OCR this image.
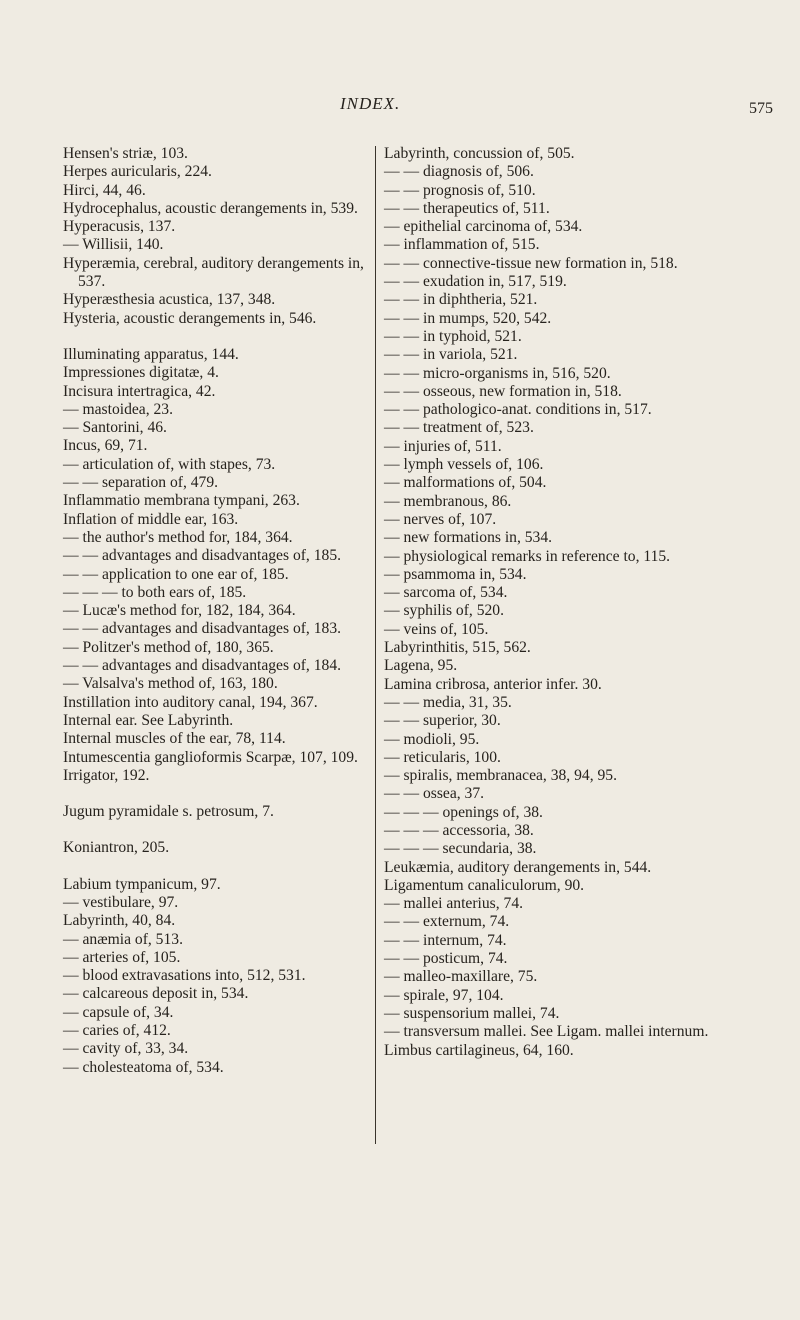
INDEX.	575
Hensen's striæ, 103.
Herpes auricularis, 224.
Hirci, 44, 46.
Hydrocephalus, acoustic derangements in, 539.
Hyperacusis, 137.
— Willisii, 140.
Hyperæmia, cerebral, auditory derangements in, 537.
Hyperæsthesia acustica, 137, 348.
Hysteria, acoustic derangements in, 546.
Illuminating apparatus, 144.
Impressiones digitatæ, 4.
Incisura intertragica, 42.
— mastoidea, 23.
— Santorini, 46.
Incus, 69, 71.
— articulation of, with stapes, 73.
— — separation of, 479.
Inflammatio membrana tympani, 263.
Inflation of middle ear, 163.
— the author's method for, 184, 364.
— — advantages and disadvantages of, 185.
— — application to one ear of, 185.
— — — to both ears of, 185.
— Lucæ's method for, 182, 184, 364.
— — advantages and disadvantages of, 183.
— Politzer's method of, 180, 365.
— — advantages and disadvantages of, 184.
— Valsalva's method of, 163, 180.
Instillation into auditory canal, 194, 367.
Internal ear. See Labyrinth.
Internal muscles of the ear, 78, 114.
Intumescentia ganglioformis Scarpæ, 107, 109.
Irrigator, 192.
Jugum pyramidale s. petrosum, 7.
Koniantron, 205.
Labium tympanicum, 97.
— vestibulare, 97.
Labyrinth, 40, 84.
— anæmia of, 513.
— arteries of, 105.
— blood extravasations into, 512, 531.
— calcareous deposit in, 534.
— capsule of, 34.
— caries of, 412.
— cavity of, 33, 34.
— cholesteatoma of, 534.
Labyrinth, concussion of, 505.
— — diagnosis of, 506.
— — prognosis of, 510.
— — therapeutics of, 511.
— epithelial carcinoma of, 534.
— inflammation of, 515.
— — connective-tissue new formation in, 518.
— — exudation in, 517, 519.
— — in diphtheria, 521.
— — in mumps, 520, 542.
— — in typhoid, 521.
— — in variola, 521.
— — micro-organisms in, 516, 520.
— — osseous, new formation in, 518.
— — pathologico-anat. conditions in, 517.
— — treatment of, 523.
— injuries of, 511.
— lymph vessels of, 106.
— malformations of, 504.
— membranous, 86.
— nerves of, 107.
— new formations in, 534.
— physiological remarks in reference to, 115.
— psammoma in, 534.
— sarcoma of, 534.
— syphilis of, 520.
— veins of, 105.
Labyrinthitis, 515, 562.
Lagena, 95.
Lamina cribrosa, anterior infer. 30.
— — media, 31, 35.
— — superior, 30.
— modioli, 95.
— reticularis, 100.
— spiralis, membranacea, 38, 94, 95.
— — ossea, 37.
— — — openings of, 38.
— — — accessoria, 38.
— — — secundaria, 38.
Leukæmia, auditory derangements in, 544.
Ligamentum canaliculorum, 90.
— mallei anterius, 74.
— — externum, 74.
— — internum, 74.
— — posticum, 74.
— malleo-maxillare, 75.
— spirale, 97, 104.
— suspensorium mallei, 74.
— transversum mallei. See Ligam. mallei internum.
Limbus cartilagineus, 64, 160.
